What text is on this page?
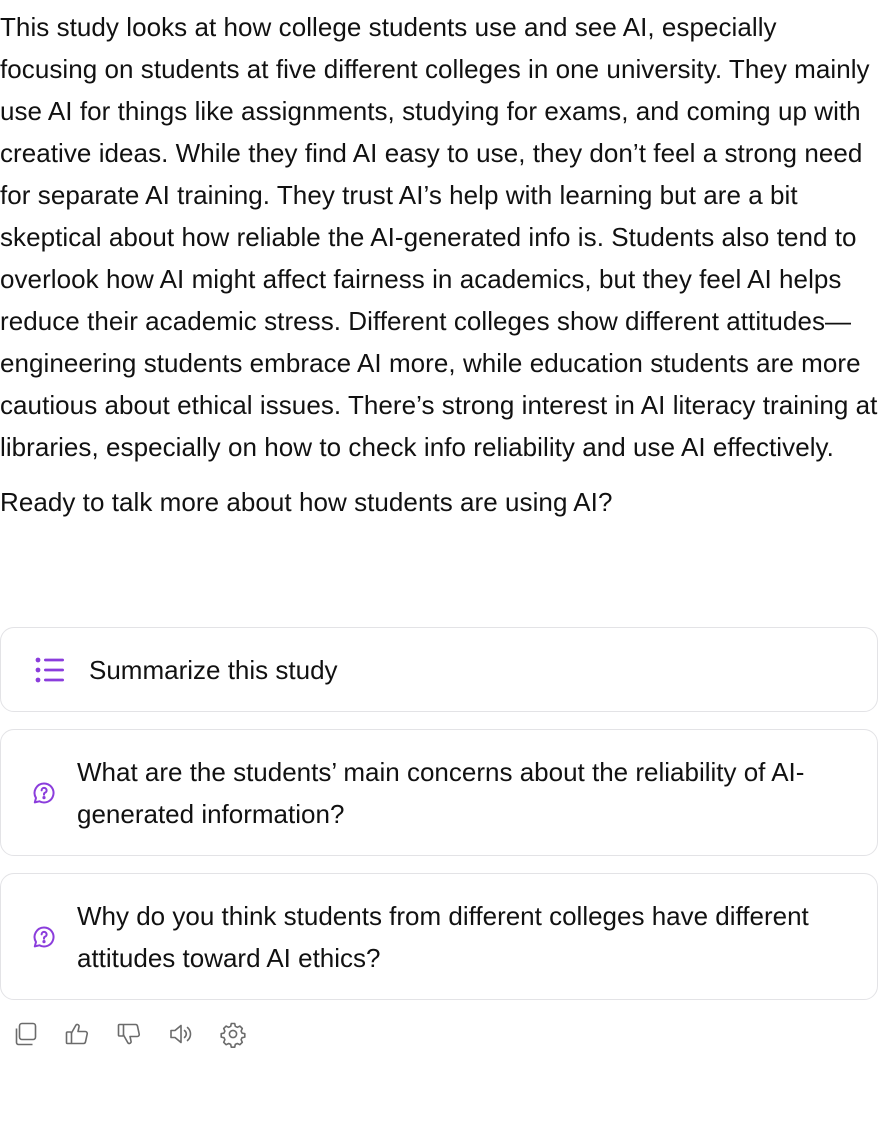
This study looks at how college students use and see AI, especially focusing on students at five different colleges in one university. They mainly use AI for things like assignments, studying for exams, and coming up with creative ideas. While they find AI easy to use, they don’t feel a strong need for separate AI training. They trust AI’s help with learning but are a bit skeptical about how reliable the AI-generated info is. Students also tend to overlook how AI might affect fairness in academics, but they feel AI helps reduce their academic stress. Different colleges show different attitudes—engineering students embrace AI more, while education students are more cautious about ethical issues. There’s strong interest in AI literacy training at libraries, especially on how to check info reliability and use AI effectively.

Ready to talk more about how students are using AI?

Summarize this study
What are the students’ main concerns about the reliability of AI-generated information?
Why do you think students from different colleges have different attitudes toward AI ethics?
